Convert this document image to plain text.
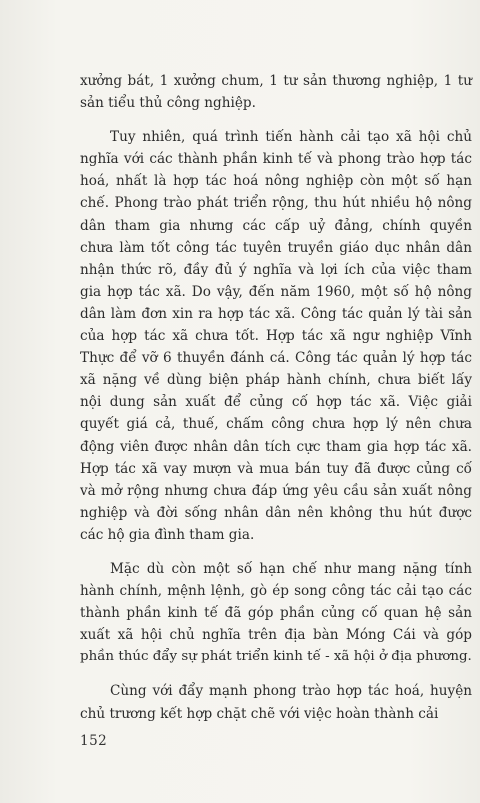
xưởng bát, 1 xưởng chum, 1 tư sản thương nghiệp, 1 tư
sản tiểu thủ công nghiệp.
Tuy nhiên, quá trình tiến hành cải tạo xã hội chủ
nghĩa với các thành phần kinh tế và phong trào hợp tác
hoá, nhất là hợp tác hoá nông nghiệp còn một số hạn
chế. Phong trào phát triển rộng, thu hút nhiều hộ nông
dân tham gia nhưng các cấp uỷ đảng, chính quyền
chưa làm tốt công tác tuyên truyền giáo dục nhân dân
nhận thức rõ, đầy đủ ý nghĩa và lợi ích của việc tham
gia hợp tác xã. Do vậy, đến năm 1960, một số hộ nông
dân làm đơn xin ra hợp tác xã. Công tác quản lý tài sản
của hợp tác xã chưa tốt. Hợp tác xã ngư nghiệp Vĩnh
Thực để vỡ 6 thuyền đánh cá. Công tác quản lý hợp tác
xã nặng về dùng biện pháp hành chính, chưa biết lấy
nội dung sản xuất để củng cố hợp tác xã. Việc giải
quyết giá cả, thuế, chấm công chưa hợp lý nên chưa
động viên được nhân dân tích cực tham gia hợp tác xã.
Hợp tác xã vay mượn và mua bán tuy đã được củng cố
và mở rộng nhưng chưa đáp ứng yêu cầu sản xuất nông
nghiệp và đời sống nhân dân nên không thu hút được
các hộ gia đình tham gia.
Mặc dù còn một số hạn chế như mang nặng tính
hành chính, mệnh lệnh, gò ép song công tác cải tạo các
thành phần kinh tế đã góp phần củng cố quan hệ sản
xuất xã hội chủ nghĩa trên địa bàn Móng Cái và góp
phần thúc đẩy sự phát triển kinh tế - xã hội ở địa phương.
Cùng với đẩy mạnh phong trào hợp tác hoá, huyện
chủ trương kết hợp chặt chẽ với việc hoàn thành cải
152
